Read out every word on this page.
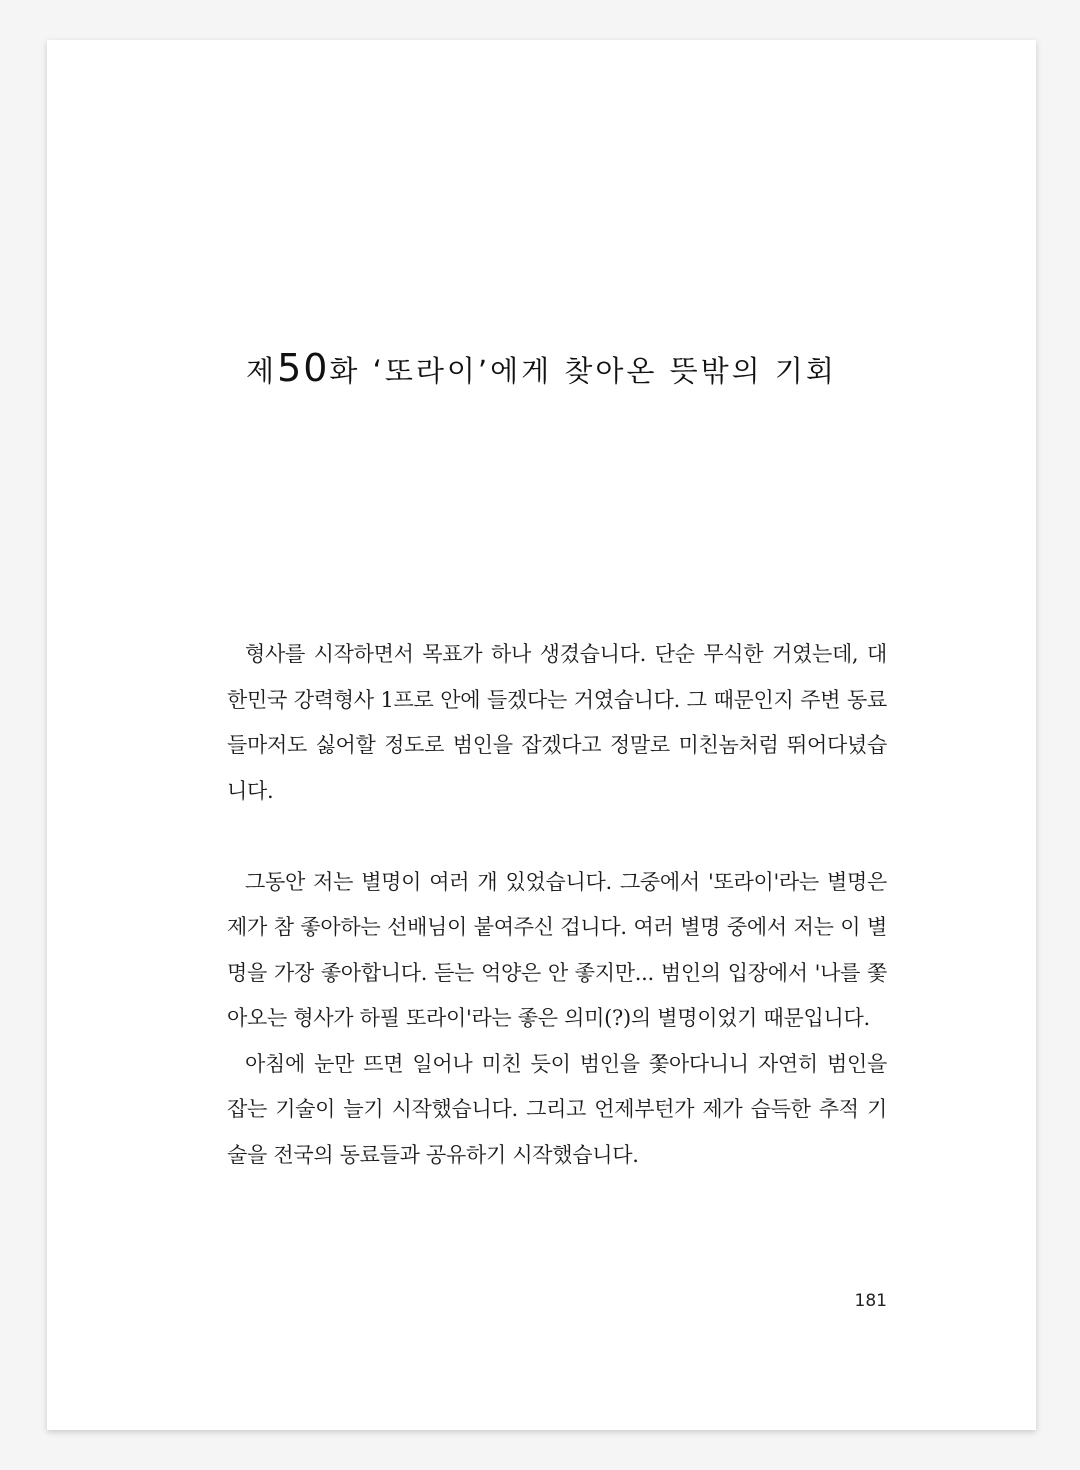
제50화 ‘또라이’에게 찾아온 뜻밖의 기회

형사를 시작하면서 목표가 하나 생겼습니다. 단순 무식한 거였는데, 대한민국 강력형사 1프로 안에 들겠다는 거였습니다. 그 때문인지 주변 동료들마저도 싫어할 정도로 범인을 잡겠다고 정말로 미친놈처럼 뛰어다녔습니다.

그동안 저는 별명이 여러 개 있었습니다. 그중에서 '또라이'라는 별명은 제가 참 좋아하는 선배님이 붙여주신 겁니다. 여러 별명 중에서 저는 이 별명을 가장 좋아합니다. 듣는 억양은 안 좋지만... 범인의 입장에서 '나를 쫓아오는 형사가 하필 또라이'라는 좋은 의미(?)의 별명이었기 때문입니다.

아침에 눈만 뜨면 일어나 미친 듯이 범인을 쫓아다니니 자연히 범인을 잡는 기술이 늘기 시작했습니다. 그리고 언제부턴가 제가 습득한 추적 기술을 전국의 동료들과 공유하기 시작했습니다.

181
